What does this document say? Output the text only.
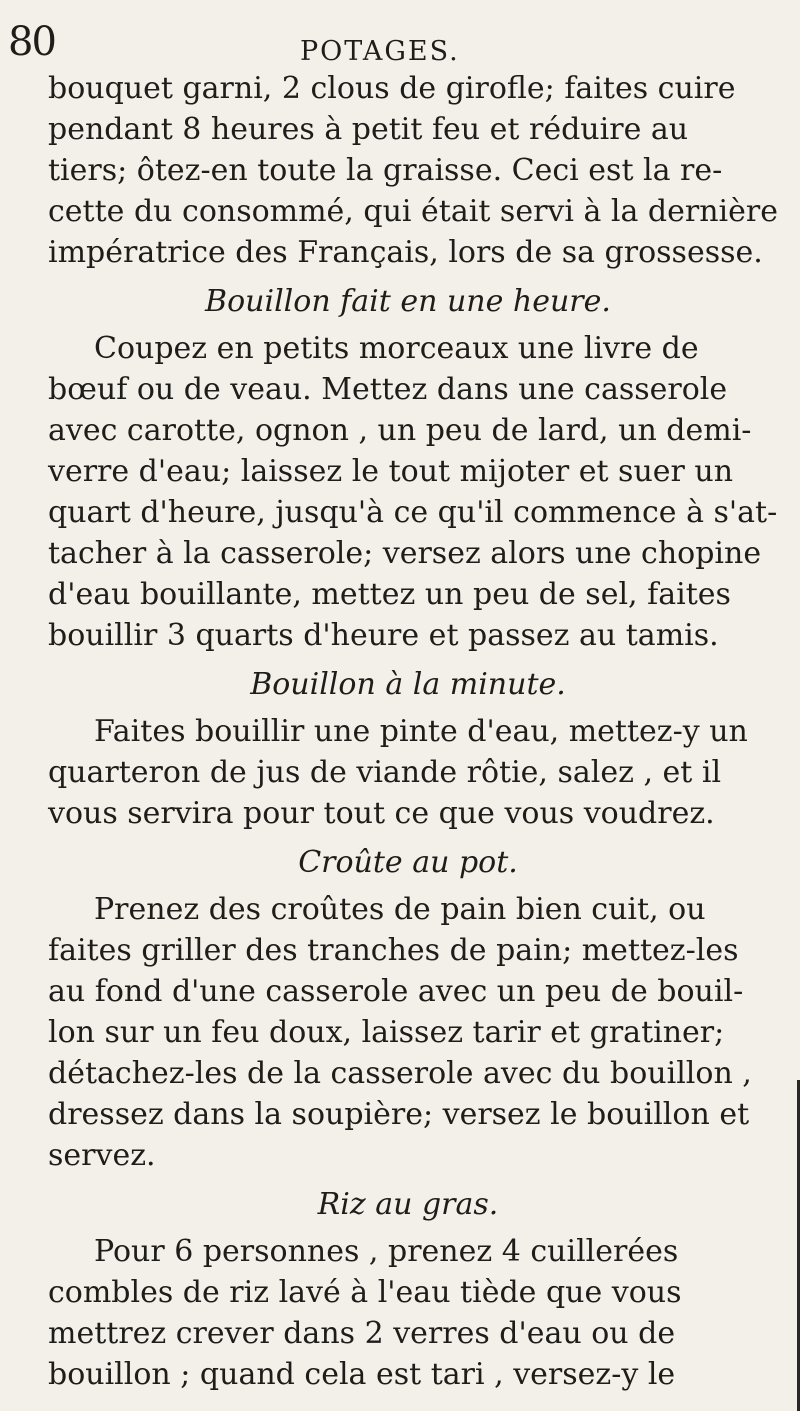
80	POTAGES.
bouquet garni, 2 clous de girofle; faites cuire
pendant 8 heures à petit feu et réduire au
tiers; ôtez-en toute la graisse. Ceci est la re-
cette du consommé, qui était servi à la dernière
impératrice des Français, lors de sa grossesse.
Bouillon fait en une heure.
Coupez en petits morceaux une livre de
bœuf ou de veau. Mettez dans une casserole
avec carotte, ognon , un peu de lard, un demi-
verre d'eau; laissez le tout mijoter et suer un
quart d'heure, jusqu'à ce qu'il commence à s'at-
tacher à la casserole; versez alors une chopine
d'eau bouillante, mettez un peu de sel, faites
bouillir 3 quarts d'heure et passez au tamis.
Bouillon à la minute.
Faites bouillir une pinte d'eau, mettez-y un
quarteron de jus de viande rôtie, salez , et il
vous servira pour tout ce que vous voudrez.
Croûte au pot.
Prenez des croûtes de pain bien cuit, ou
faites griller des tranches de pain; mettez-les
au fond d'une casserole avec un peu de bouil-
lon sur un feu doux, laissez tarir et gratiner;
détachez-les de la casserole avec du bouillon ,
dressez dans la soupière; versez le bouillon et
servez.
Riz au gras.
Pour 6 personnes , prenez 4 cuillerées
combles de riz lavé à l'eau tiède que vous
mettrez crever dans 2 verres d'eau ou de
bouillon ; quand cela est tari , versez-y le
